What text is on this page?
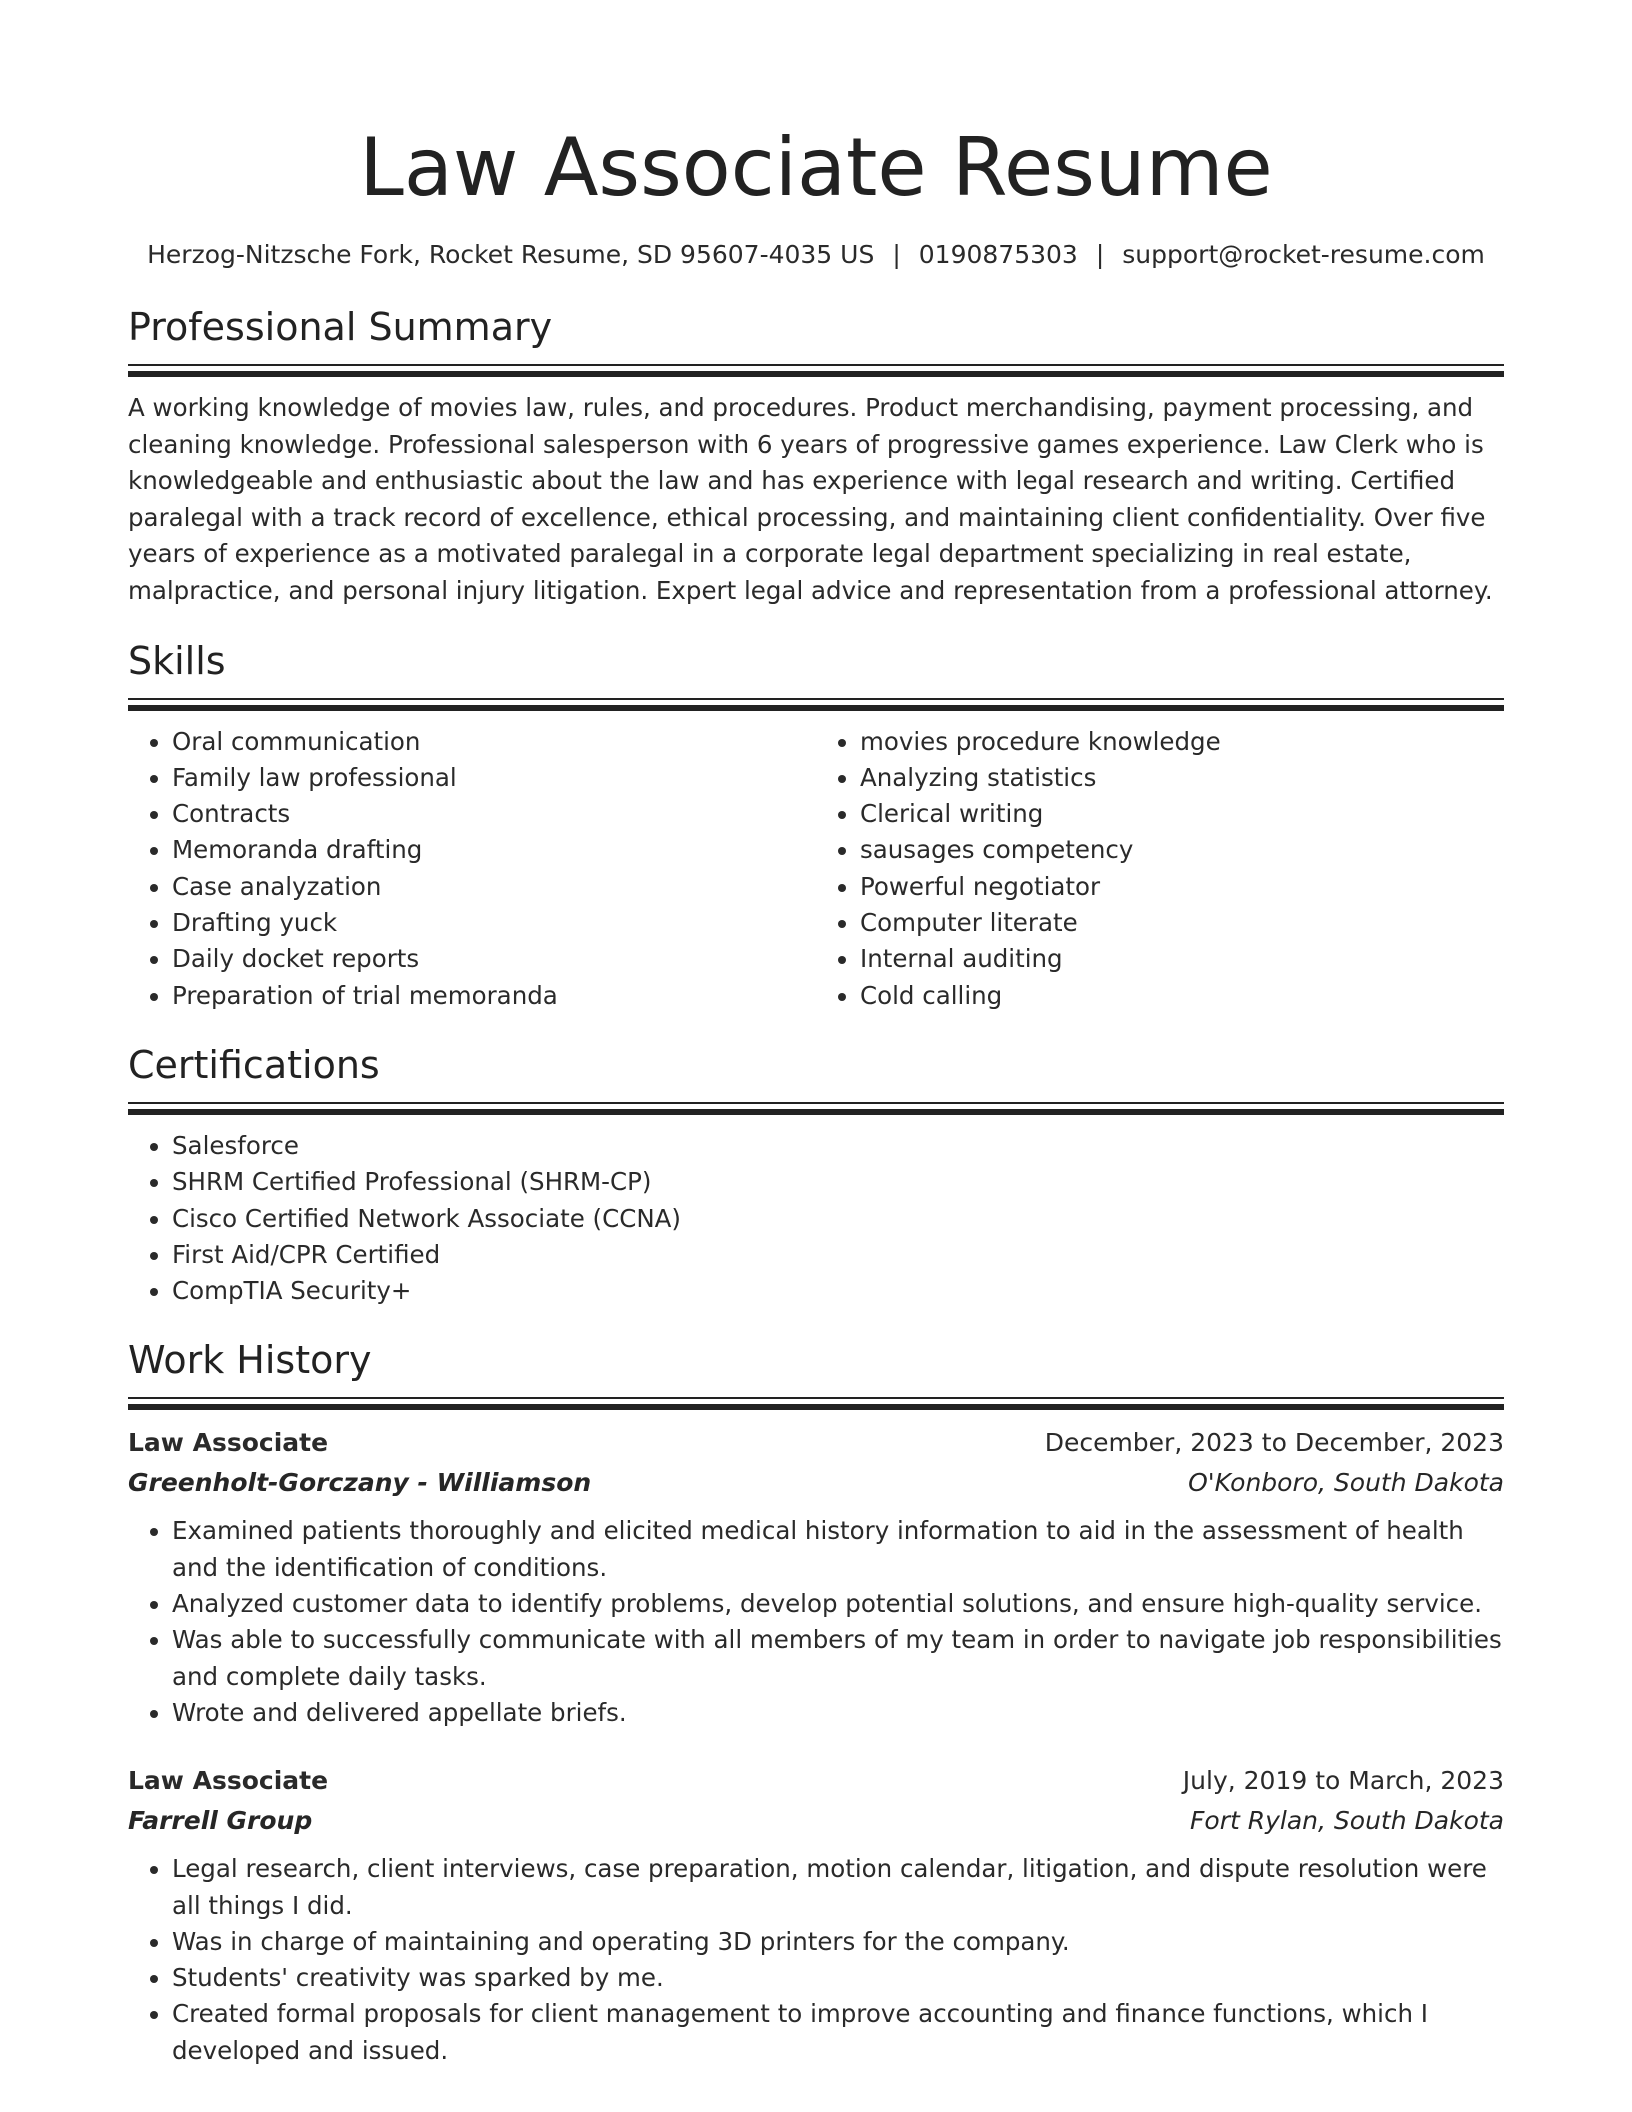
Law Associate Resume
Herzog-Nitzsche Fork, Rocket Resume, SD 95607-4035 US | 0190875303 | support@rocket-resume.com
Professional Summary
A working knowledge of movies law, rules, and procedures. Product merchandising, payment processing, and cleaning knowledge. Professional salesperson with 6 years of progressive games experience. Law Clerk who is knowledgeable and enthusiastic about the law and has experience with legal research and writing. Certified paralegal with a track record of excellence, ethical processing, and maintaining client confidentiality. Over five years of experience as a motivated paralegal in a corporate legal department specializing in real estate, malpractice, and personal injury litigation. Expert legal advice and representation from a professional attorney.
Skills
• Oral communication
• Family law professional
• Contracts
• Memoranda drafting
• Case analyzation
• Drafting yuck
• Daily docket reports
• Preparation of trial memoranda
• movies procedure knowledge
• Analyzing statistics
• Clerical writing
• sausages competency
• Powerful negotiator
• Computer literate
• Internal auditing
• Cold calling
Certifications
• Salesforce
• SHRM Certified Professional (SHRM-CP)
• Cisco Certified Network Associate (CCNA)
• First Aid/CPR Certified
• CompTIA Security+
Work History
Law Associate	December, 2023 to December, 2023
Greenholt-Gorczany - Williamson	O'Konboro, South Dakota
• Examined patients thoroughly and elicited medical history information to aid in the assessment of health and the identification of conditions.
• Analyzed customer data to identify problems, develop potential solutions, and ensure high-quality service.
• Was able to successfully communicate with all members of my team in order to navigate job responsibilities and complete daily tasks.
• Wrote and delivered appellate briefs.
Law Associate	July, 2019 to March, 2023
Farrell Group	Fort Rylan, South Dakota
• Legal research, client interviews, case preparation, motion calendar, litigation, and dispute resolution were all things I did.
• Was in charge of maintaining and operating 3D printers for the company.
• Students' creativity was sparked by me.
• Created formal proposals for client management to improve accounting and finance functions, which I developed and issued.
